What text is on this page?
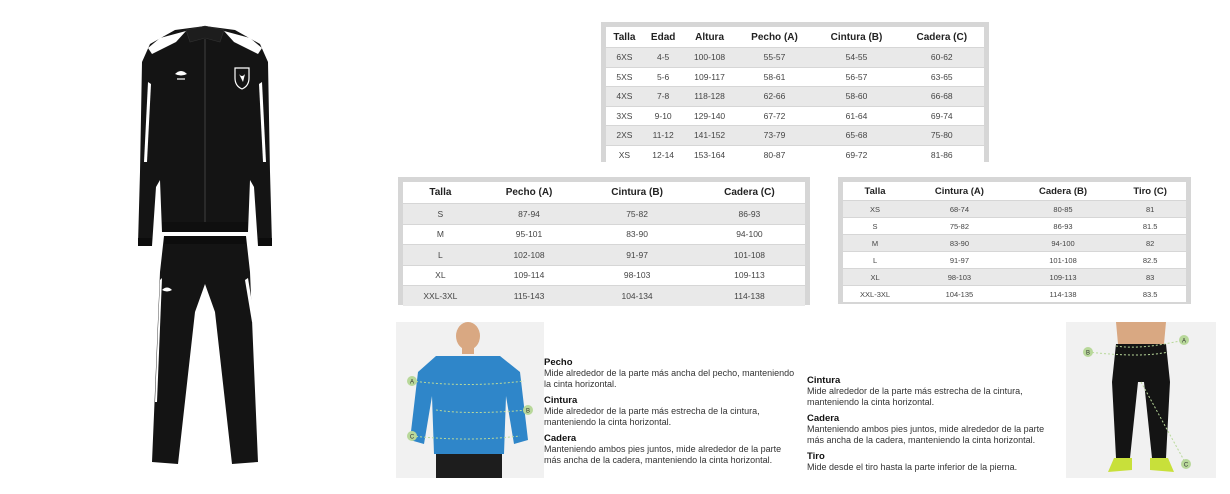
Talla	Edad	Altura	Pecho (A)	Cintura (B)	Cadera (C)
6XS	4-5	100-108	55-57	54-55	60-62
5XS	5-6	109-117	58-61	56-57	63-65
4XS	7-8	118-128	62-66	58-60	66-68
3XS	9-10	129-140	67-72	61-64	69-74
2XS	11-12	141-152	73-79	65-68	75-80
XS	12-14	153-164	80-87	69-72	81-86
Talla	Pecho (A)	Cintura (B)	Cadera (C)
S	87-94	75-82	86-93
M	95-101	83-90	94-100
L	102-108	91-97	101-108
XL	109-114	98-103	109-113
XXL-3XL	115-143	104-134	114-138
Talla	Cintura (A)	Cadera (B)	Tiro (C)
XS	68-74	80-85	81
S	75-82	86-93	81.5
M	83-90	94-100	82
L	91-97	101-108	82.5
XL	98-103	109-113	83
XXL-3XL	104-135	114-138	83.5
A
B
C
A
B
C
Pecho
Mide alrededor de la parte más ancha del pecho, manteniendo la cinta horizontal.
Cintura
Mide alrededor de la parte más estrecha de la cintura, manteniendo la cinta horizontal.
Cadera
Manteniendo ambos pies juntos, mide alrededor de la parte más ancha de la cadera, manteniendo la cinta horizontal.
Cintura
Mide alrededor de la parte más estrecha de la cintura, manteniendo la cinta horizontal.
Cadera
Manteniendo ambos pies juntos, mide alrededor de la parte más ancha de la cadera, manteniendo la cinta horizontal.
Tiro
Mide desde el tiro hasta la parte inferior de la pierna.
